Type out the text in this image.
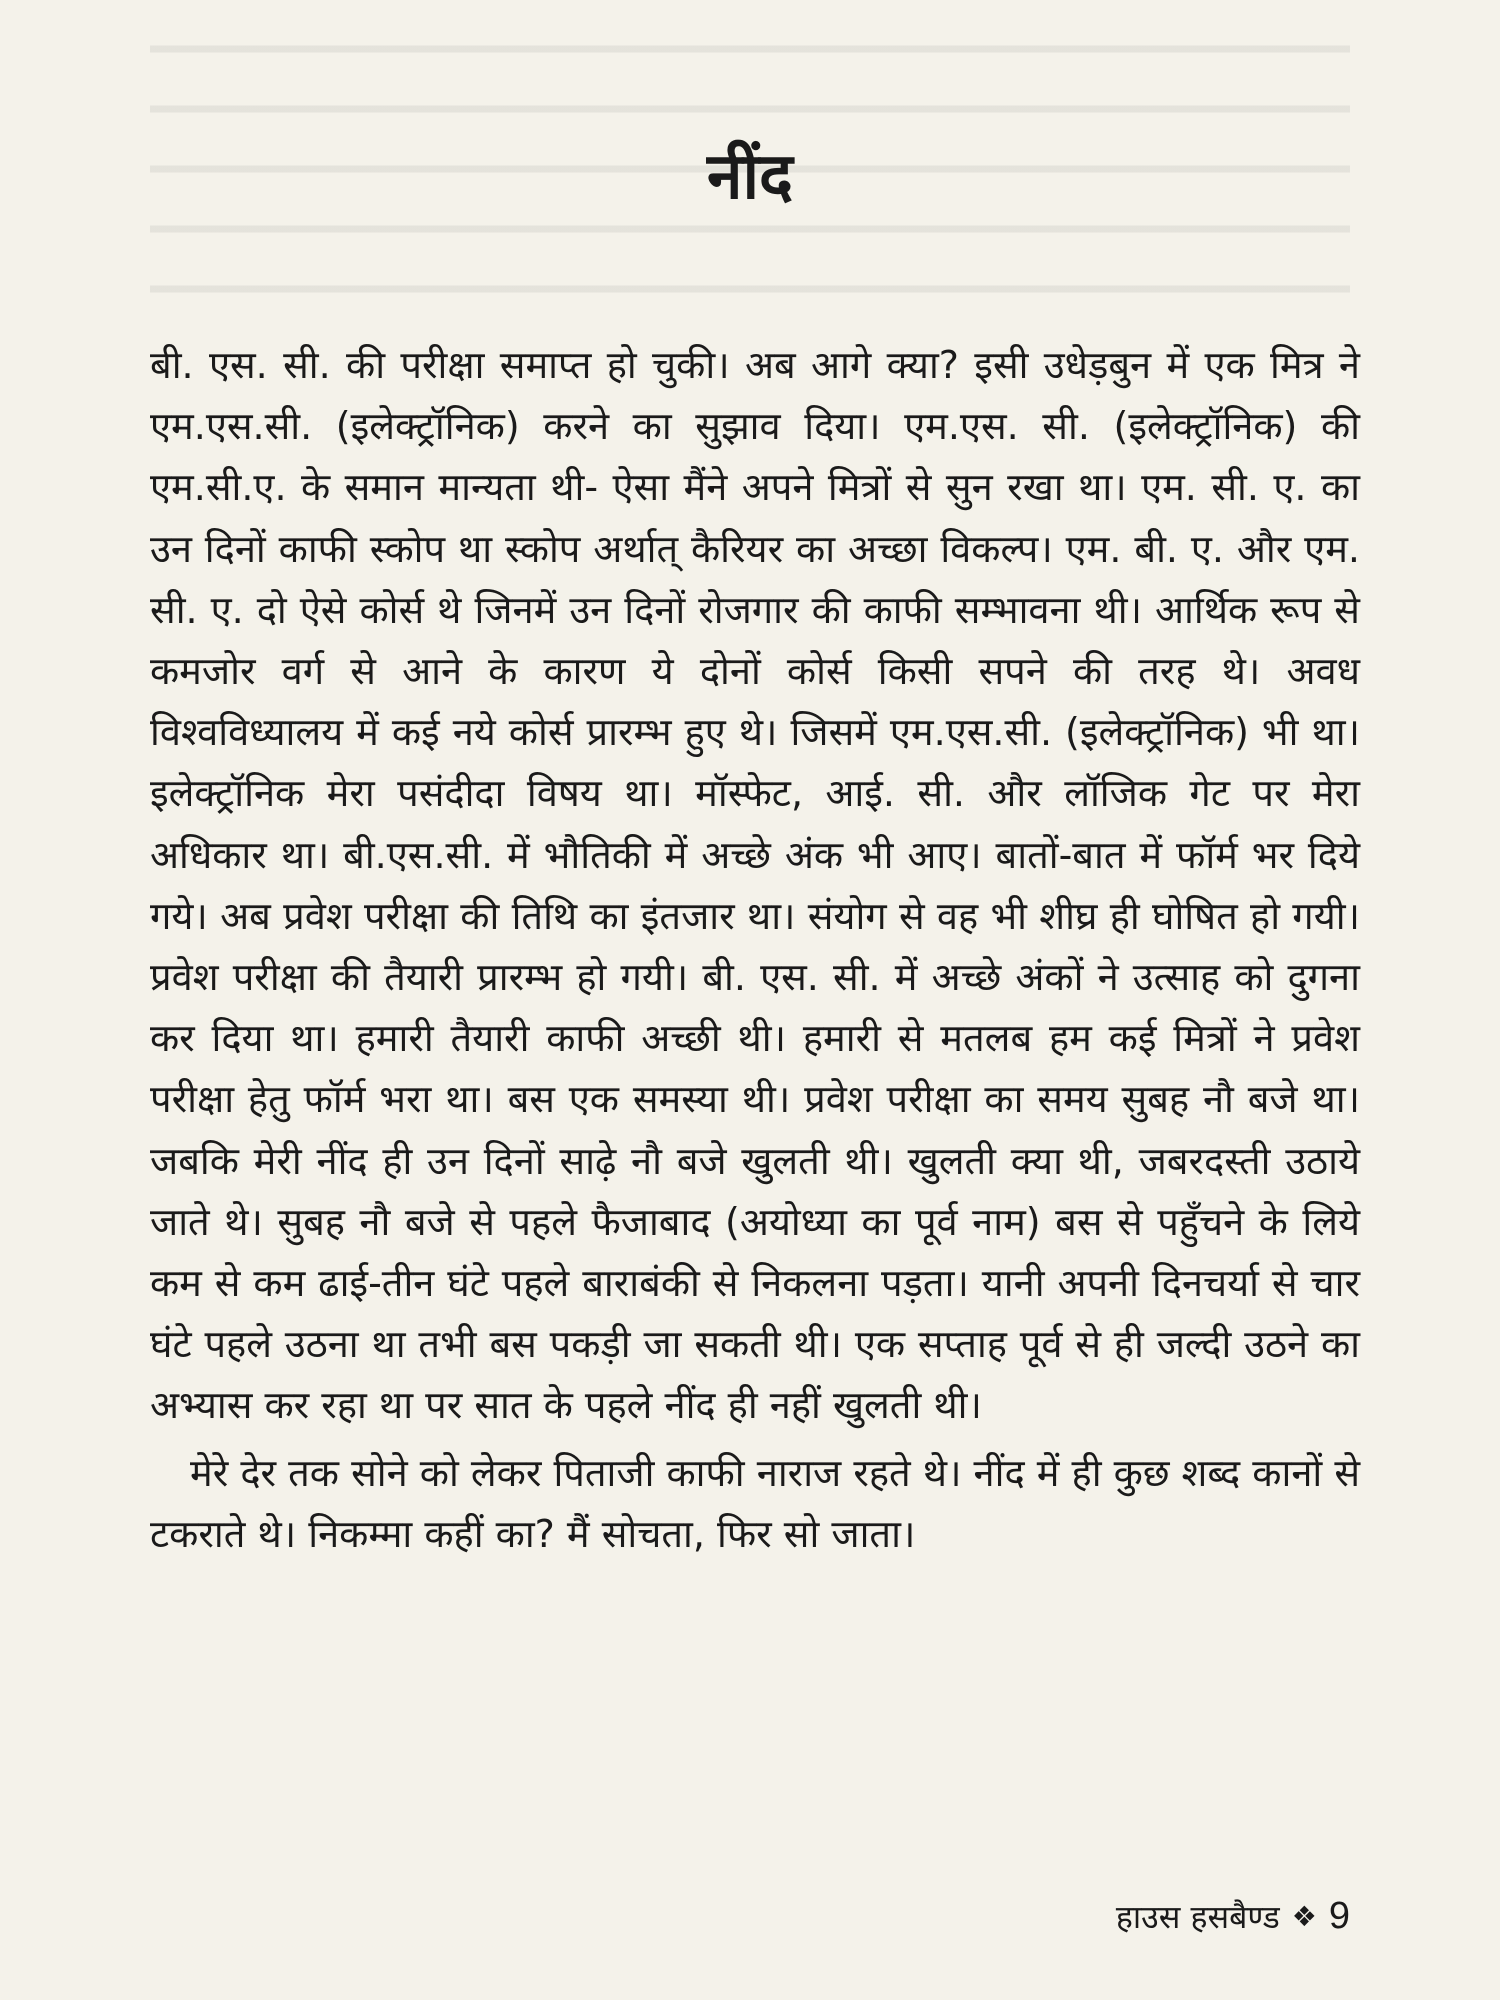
नींद

बी. एस. सी. की परीक्षा समाप्त हो चुकी। अब आगे क्या? इसी उधेड़बुन में एक मित्र ने एम.एस.सी. (इलेक्ट्रॉनिक) करने का सुझाव दिया। एम.एस. सी. (इलेक्ट्रॉनिक) की एम.सी.ए. के समान मान्यता थी- ऐसा मैंने अपने मित्रों से सुन रखा था। एम. सी. ए. का उन दिनों काफी स्कोप था स्कोप अर्थात् कैरियर का अच्छा विकल्प। एम. बी. ए. और एम. सी. ए. दो ऐसे कोर्स थे जिनमें उन दिनों रोजगार की काफी सम्भावना थी। आर्थिक रूप से कमजोर वर्ग से आने के कारण ये दोनों कोर्स किसी सपने की तरह थे। अवध विश्वविध्यालय में कई नये कोर्स प्रारम्भ हुए थे। जिसमें एम.एस.सी. (इलेक्ट्रॉनिक) भी था। इलेक्ट्रॉनिक मेरा पसंदीदा विषय था। मॉस्फेट, आई. सी. और लॉजिक गेट पर मेरा अधिकार था। बी.एस.सी. में भौतिकी में अच्छे अंक भी आए। बातों-बात में फॉर्म भर दिये गये। अब प्रवेश परीक्षा की तिथि का इंतजार था। संयोग से वह भी शीघ्र ही घोषित हो गयी। प्रवेश परीक्षा की तैयारी प्रारम्भ हो गयी। बी. एस. सी. में अच्छे अंकों ने उत्साह को दुगना कर दिया था। हमारी तैयारी काफी अच्छी थी। हमारी से मतलब हम कई मित्रों ने प्रवेश परीक्षा हेतु फॉर्म भरा था। बस एक समस्या थी। प्रवेश परीक्षा का समय सुबह नौ बजे था। जबकि मेरी नींद ही उन दिनों साढ़े नौ बजे खुलती थी। खुलती क्या थी, जबरदस्ती उठाये जाते थे। सुबह नौ बजे से पहले फैजाबाद (अयोध्या का पूर्व नाम) बस से पहुँचने के लिये कम से कम ढाई-तीन घंटे पहले बाराबंकी से निकलना पड़ता। यानी अपनी दिनचर्या से चार घंटे पहले उठना था तभी बस पकड़ी जा सकती थी। एक सप्ताह पूर्व से ही जल्दी उठने का अभ्यास कर रहा था पर सात के पहले नींद ही नहीं खुलती थी।

मेरे देर तक सोने को लेकर पिताजी काफी नाराज रहते थे। नींद में ही कुछ शब्द कानों से टकराते थे। निकम्मा कहीं का? मैं सोचता, फिर सो जाता।

हाउस हसबैण्ड ❖ 9
